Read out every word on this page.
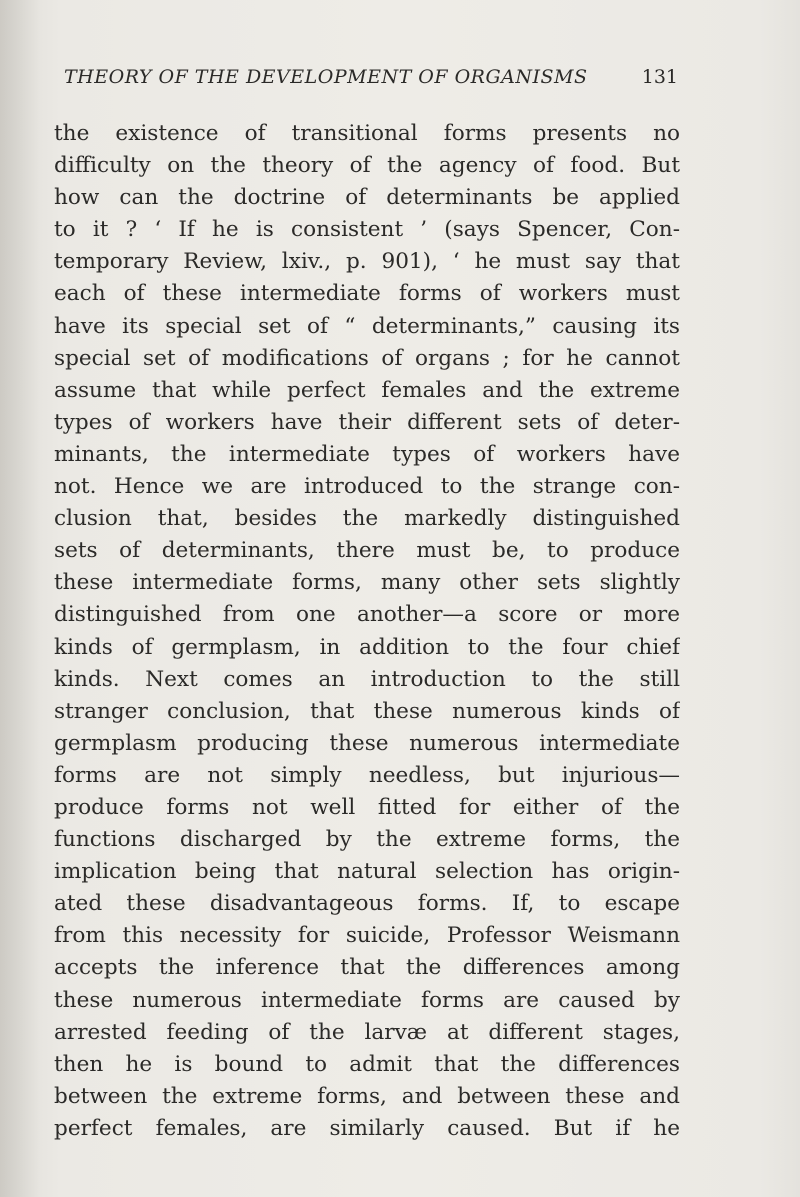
THEORY OF THE DEVELOPMENT OF ORGANISMS	131
the existence of transitional forms presents no
difficulty on the theory of the agency of food. But
how can the doctrine of determinants be applied
to it ? ‘ If he is consistent ’ (says Spencer, Con-
temporary Review, lxiv., p. 901), ‘ he must say that
each of these intermediate forms of workers must
have its special set of “ determinants,” causing its
special set of modifications of organs ; for he cannot
assume that while perfect females and the extreme
types of workers have their different sets of deter-
minants, the intermediate types of workers have
not. Hence we are introduced to the strange con-
clusion that, besides the markedly distinguished
sets of determinants, there must be, to produce
these intermediate forms, many other sets slightly
distinguished from one another—a score or more
kinds of germplasm, in addition to the four chief
kinds. Next comes an introduction to the still
stranger conclusion, that these numerous kinds of
germplasm producing these numerous intermediate
forms are not simply needless, but injurious—
produce forms not well fitted for either of the
functions discharged by the extreme forms, the
implication being that natural selection has origin-
ated these disadvantageous forms. If, to escape
from this necessity for suicide, Professor Weismann
accepts the inference that the differences among
these numerous intermediate forms are caused by
arrested feeding of the larvæ at different stages,
then he is bound to admit that the differences
between the extreme forms, and between these and
perfect females, are similarly caused. But if he
